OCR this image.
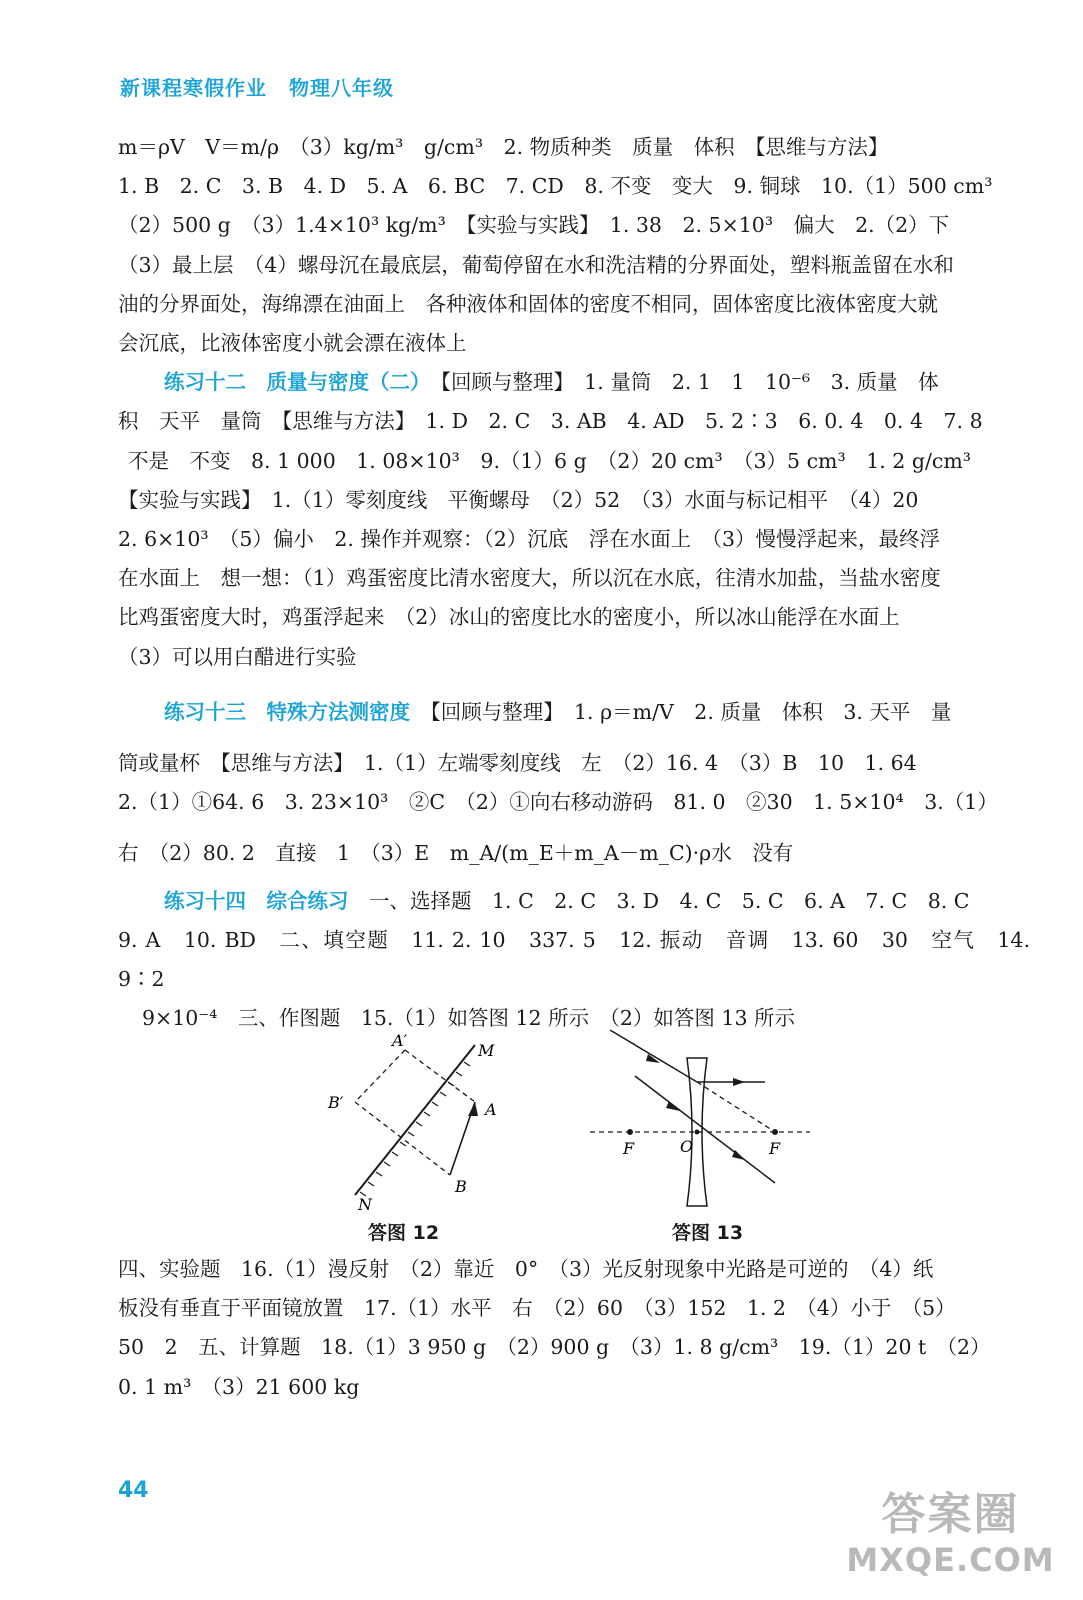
新课程寒假作业 物理八年级

m＝ρV　V＝m/ρ　（3）kg/m³　g/cm³　2. 物质种类　质量　体积　【思维与方法】

1. B　2. C　3. B　4. D　5. A　6. BC　7. CD　8. 不变　变大　9. 铜球　10.（1）500 cm³

（2）500 g　（3）1.4×10³ kg/m³　【实验与实践】　1. 38　2. 5×10³　偏大　2.（2）下

（3）最上层　（4）螺母沉在最底层，葡萄停留在水和洗洁精的分界面处，塑料瓶盖留在水和

油的分界面处，海绵漂在油面上　各种液体和固体的密度不相同，固体密度比液体密度大就

会沉底，比液体密度小就会漂在液体上

练习十二　质量与密度（二）　 【回顾与整理】　1. 量筒　2. 1　1　10⁻⁶　3. 质量　体

积　天平　量筒　【思维与方法】　1. D　2. C　3. AB　4. AD　5. 2∶3　6. 0. 4　0. 4　7. 8

不是　不变　8. 1 000　1. 08×10³　9.（1）6 g　（2）20 cm³　（3）5 cm³　1. 2 g/cm³

【实验与实践】　1.（1）零刻度线　平衡螺母　（2）52　（3）水面与标记相平　（4）20

2. 6×10³　（5）偏小　2. 操作并观察：（2）沉底　浮在水面上　（3）慢慢浮起来，最终浮

在水面上　想一想：（1）鸡蛋密度比清水密度大，所以沉在水底，往清水加盐，当盐水密度

比鸡蛋密度大时，鸡蛋浮起来　（2）冰山的密度比水的密度小，所以冰山能浮在水面上

（3）可以用白醋进行实验

练习十三　特殊方法测密度　 【回顾与整理】　1. ρ＝m/V　2. 质量　体积　3. 天平　量

筒或量杯　【思维与方法】　1.（1）左端零刻度线　左　（2）16. 4　（3）B　10　1. 64

2.（1）①64. 6　3. 23×10³　②C　（2）①向右移动游码　81. 0　②30　1. 5×10⁴　3.（1）

右　（2）80. 2　直接　1　（3）E　m_A/(m_E＋m_A－m_C)·ρ水　没有

练习十四　综合练习　 一、选择题　1. C　2. C　3. D　4. C　5. C　6. A　7. C　8. C

9. A　10. BD　二、填空题　11. 2. 10　337. 5　12. 振动　音调　13. 60　30　空气　14. 9∶2

9×10⁻⁴　三、作图题　15.（1）如答图 12 所示　（2）如答图 13 所示

A′
M
B′	A
N
B
答图 12
F	O	F
答图 13

四、实验题　16.（1）漫反射　（2）靠近　0°　（3）光反射现象中光路是可逆的　（4）纸

板没有垂直于平面镜放置　17.（1）水平　右　（2）60　（3）152　1. 2　（4）小于　（5）

50　2　五、计算题　18.（1）3 950 g　（2）900 g　（3）1. 8 g/cm³　19.（1）20 t　（2）

0. 1 m³　（3）21 600 kg

44	答案圈
MXQE.COM
